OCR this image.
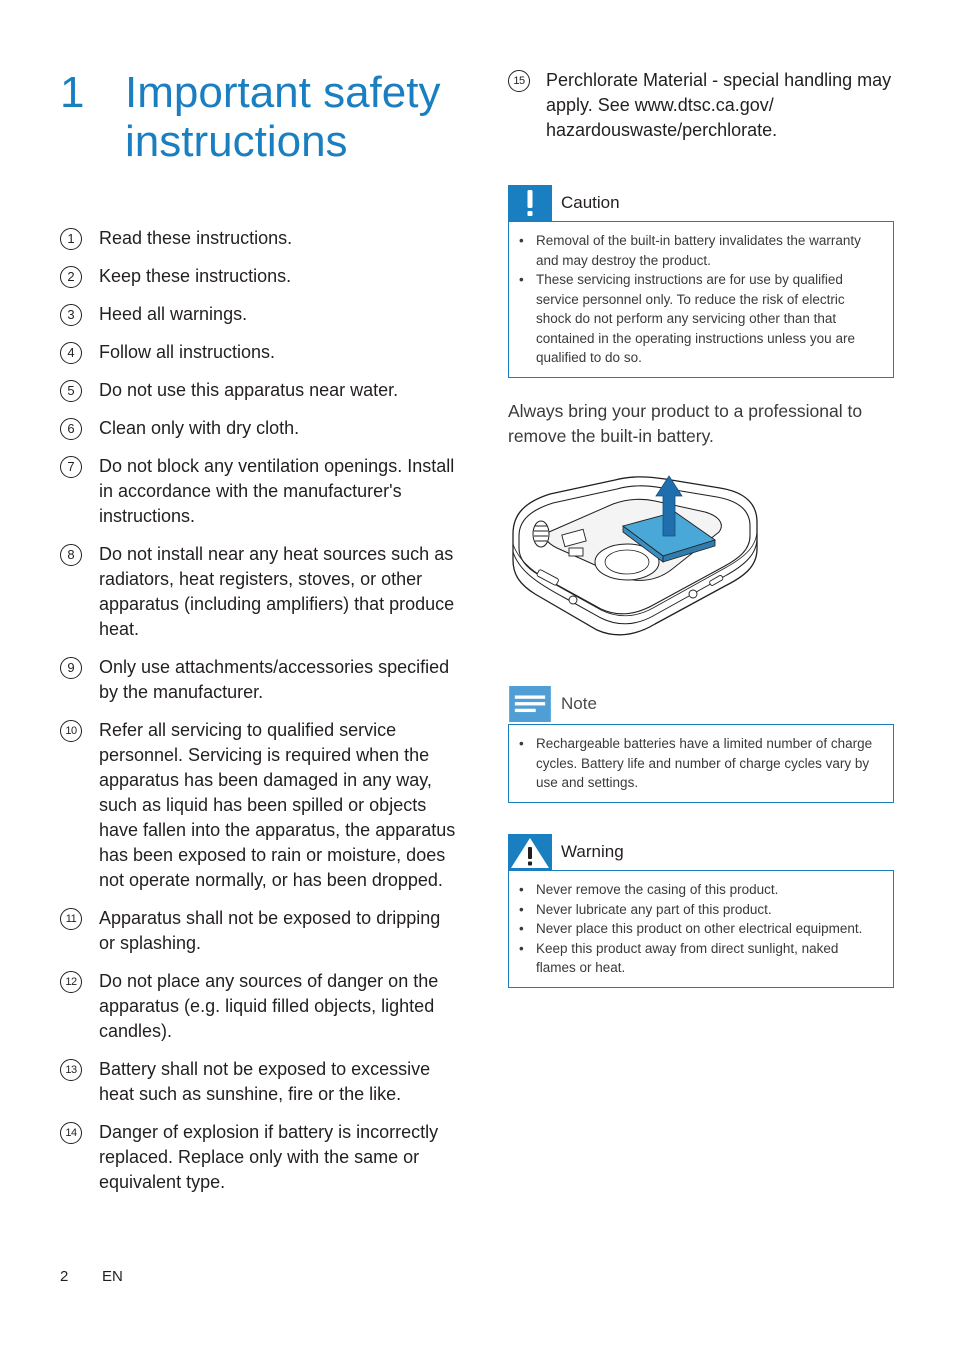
1 Important safety instructions
1	Read these instructions.
2	Keep these instructions.
3	Heed all warnings.
4	Follow all instructions.
5	Do not use this apparatus near water.
6	Clean only with dry cloth.
7	Do not block any ventilation openings. Install in accordance with the manufacturer's instructions.
8	Do not install near any heat sources such as radiators, heat registers, stoves, or other apparatus (including amplifiers) that produce heat.
9	Only use attachments/accessories specified by the manufacturer.
10 Refer all servicing to qualified service personnel. Servicing is required when the apparatus has been damaged in any way, such as liquid has been spilled or objects have fallen into the apparatus, the apparatus has been exposed to rain or moisture, does not operate normally, or has been dropped.
11	Apparatus shall not be exposed to dripping or splashing.
12 Do not place any sources of danger on the apparatus (e.g. liquid filled objects, lighted candles).
13 Battery shall not be exposed to excessive heat such as sunshine, fire or the like.
14 Danger of explosion if battery is incorrectly replaced. Replace only with the same or equivalent type.
15 Perchlorate Material - special handling may apply. See www.dtsc.ca.gov/ hazardouswaste/perchlorate.
Caution
• Removal of the built-in battery invalidates the warranty and may destroy the product.
• These servicing instructions are for use by qualified service personnel only. To reduce the risk of electric shock do not perform any servicing other than that contained in the operating instructions unless you are qualified to do so.
Always bring your product to a professional to remove the built-in battery.
Note
• Rechargeable batteries have a limited number of charge cycles. Battery life and number of charge cycles vary by use and settings.
Warning
• Never remove the casing of this product.
• Never lubricate any part of this product.
• Never place this product on other electrical equipment.
• Keep this product away from direct sunlight, naked flames or heat.
2 EN
